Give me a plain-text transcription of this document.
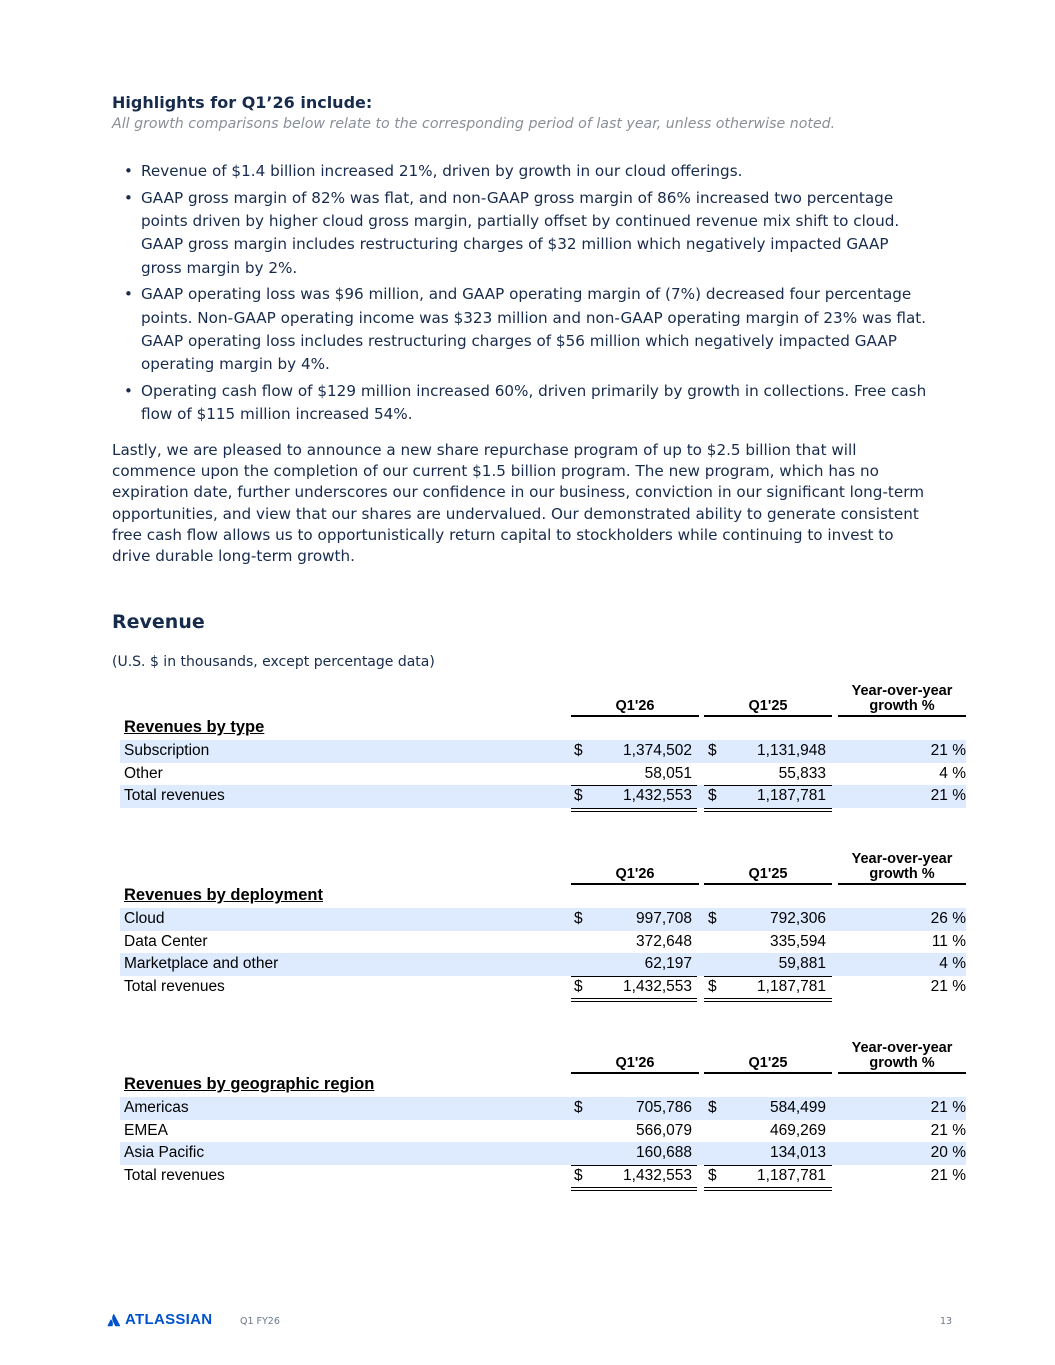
Highlights for Q1’26 include:
All growth comparisons below relate to the corresponding period of last year, unless otherwise noted.
• Revenue of $1.4 billion increased 21%, driven by growth in our cloud offerings.
• GAAP gross margin of 82% was flat, and non-GAAP gross margin of 86% increased two percentage points driven by higher cloud gross margin, partially offset by continued revenue mix shift to cloud. GAAP gross margin includes restructuring charges of $32 million which negatively impacted GAAP gross margin by 2%.
• GAAP operating loss was $96 million, and GAAP operating margin of (7%) decreased four percentage points. Non-GAAP operating income was $323 million and non-GAAP operating margin of 23% was flat. GAAP operating loss includes restructuring charges of $56 million which negatively impacted GAAP operating margin by 4%.
• Operating cash flow of $129 million increased 60%, driven primarily by growth in collections. Free cash flow of $115 million increased 54%.

Lastly, we are pleased to announce a new share repurchase program of up to $2.5 billion that will commence upon the completion of our current $1.5 billion program. The new program, which has no expiration date, further underscores our confidence in our business, conviction in our significant long-term opportunities, and view that our shares are undervalued. Our demonstrated ability to generate consistent free cash flow allows us to opportunistically return capital to stockholders while continuing to invest to drive durable long-term growth.

Revenue
(U.S. $ in thousands, except percentage data)
Q1'26	Q1'25
Year-over-year
growth %
Revenues by type
Subscription	$	1,374,502 $	1,131,948	21 %
Other	58,051	55,833	4 %
Total revenues	$	1,432,553 $	1,187,781	21 %
Q1'26	Q1'25
Year-over-year
growth %
Revenues by deployment
Cloud	$	997,708 $	792,306	26 %
Data Center	372,648	335,594	11 %
Marketplace and other	62,197	59,881	4 %
Total revenues	$	1,432,553 $	1,187,781	21 %
Q1'26	Q1'25
Year-over-year
growth %
Revenues by geographic region
Americas	$	705,786 $	584,499	21 %
EMEA	566,079	469,269	21 %
Asia Pacific	160,688	134,013	20 %
Total revenues	$	1,432,553 $	1,187,781	21 %
ATLASSIAN	Q1 FY26	13
